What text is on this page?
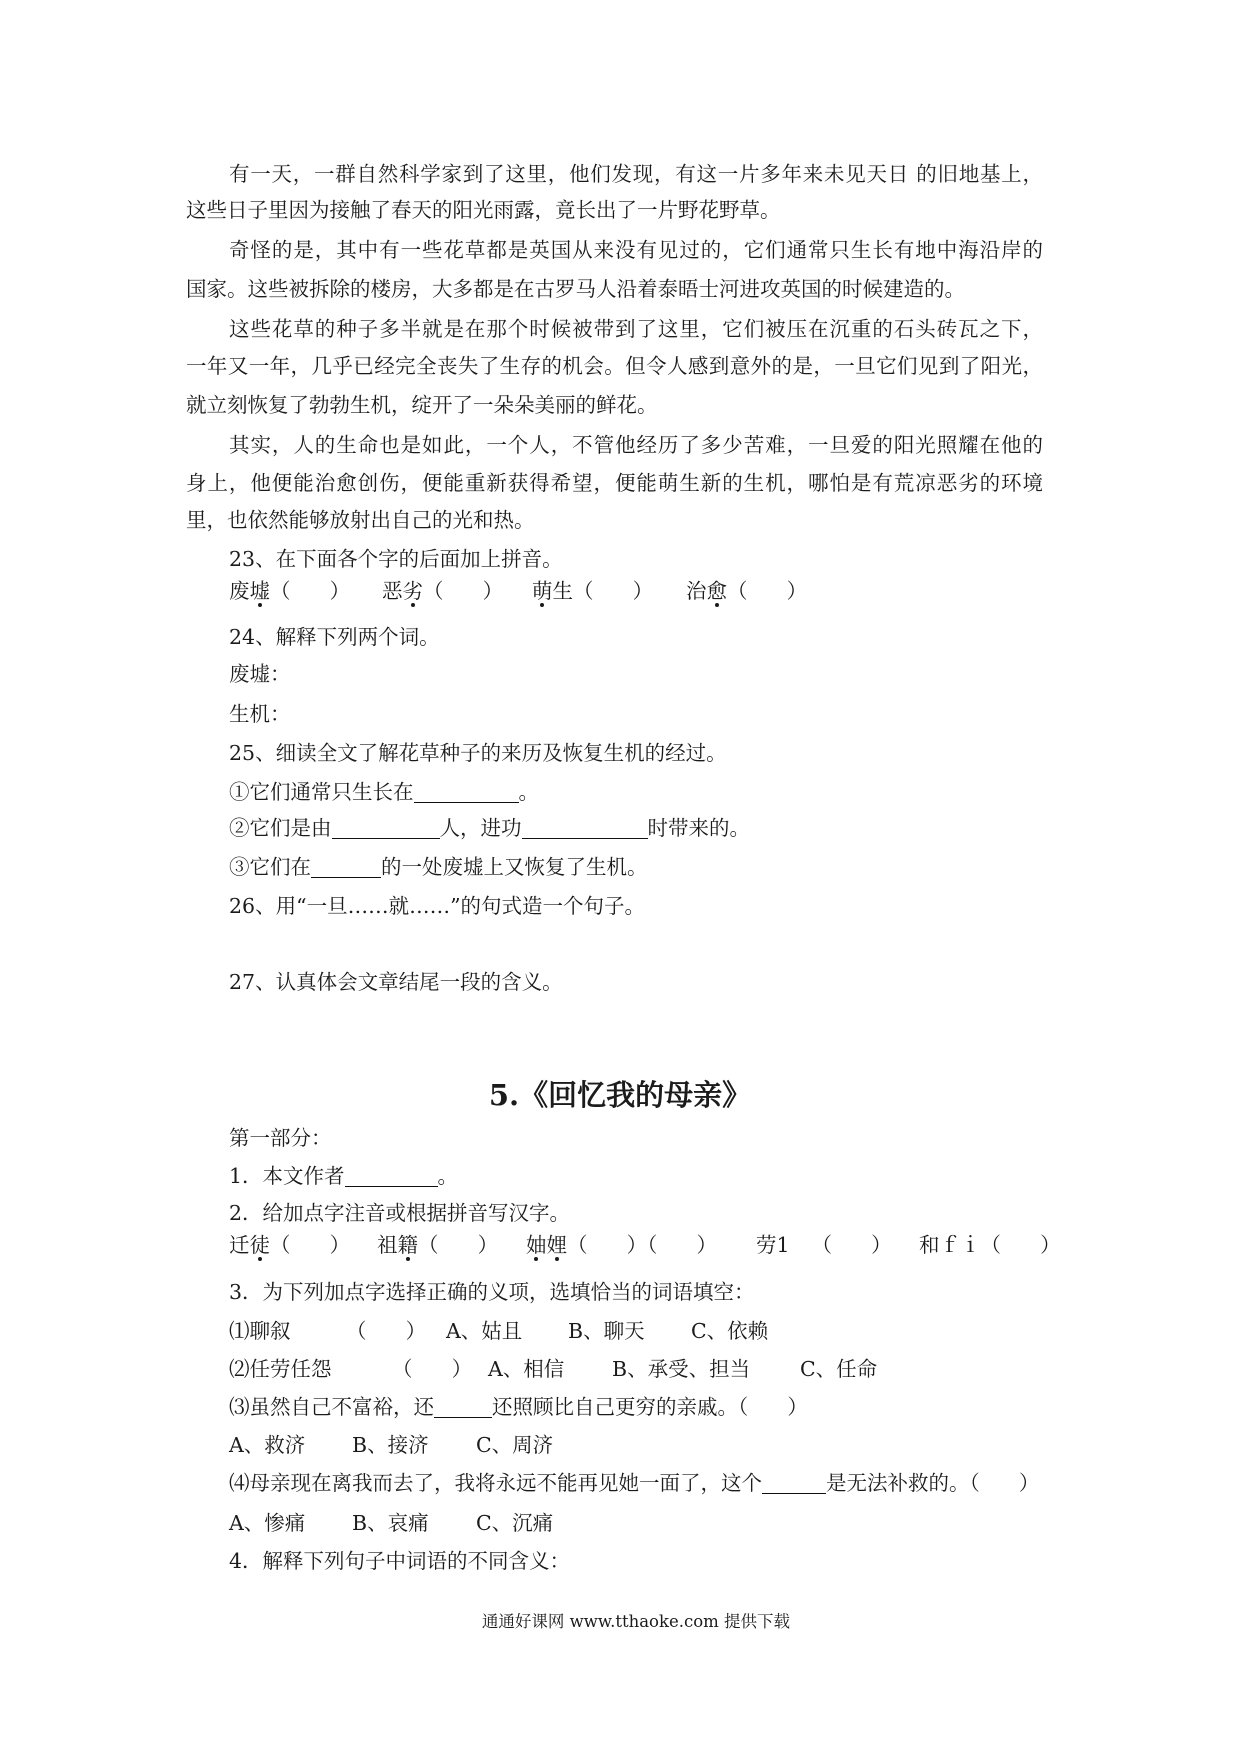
有一天，一群自然科学家到了这里，他们发现，有这一片多年来未见天日 的旧地基上，
这些日子里因为接触了春天的阳光雨露，竟长出了一片野花野草。
奇怪的是，其中有一些花草都是英国从来没有见过的，它们通常只生长有地中海沿岸的
国家。这些被拆除的楼房，大多都是在古罗马人沿着泰晤士河进攻英国的时候建造的。
这些花草的种子多半就是在那个时候被带到了这里，它们被压在沉重的石头砖瓦之下，
一年又一年，几乎已经完全丧失了生存的机会。但令人感到意外的是，一旦它们见到了阳光，
就立刻恢复了勃勃生机，绽开了一朵朵美丽的鲜花。
其实，人的生命也是如此，一个人，不管他经历了多少苦难，一旦爱的阳光照耀在他的
身上，他便能治愈创伤，便能重新获得希望，便能萌生新的生机，哪怕是有荒凉恶劣的环境
里，也依然能够放射出自己的光和热。
23、在下面各个字的后面加上拼音。
废墟（      ） 恶劣（      ） 萌生（      ） 治愈（      ）
24、解释下列两个词。
废墟：
生机：
25、细读全文了解花草种子的来历及恢复生机的经过。
①它们通常只生长在	。
②它们是由	人，进功	时带来的。
③它们在	的一处废墟上又恢复了生机。
26、用“一旦……就……”的句式造一个句子。
27、认真体会文章结尾一段的含义。
5.《回忆我的母亲》
第一部分：
1．本文作者	。
2．给加点字注音或根据拼音写汉字。
迁徒（      ） 祖籍（      ） 妯娌（      ）（      ） 劳1 （      ） 和ｆｉ（      ）
3．为下列加点字选择正确的义项，选填恰当的词语填空：
⑴聊叙	（      ） A、姑且 B、聊天 C、依赖
⑵任劳任怨	（      ） A、相信 B、承受、担当 C、任命
⑶虽然自己不富裕，还	还照顾比自己更穷的亲戚。（      ）
A、救济 B、接济 C、周济
⑷母亲现在离我而去了，我将永远不能再见她一面了，这个	是无法补救的。（      ）
A、惨痛 B、哀痛 C、沉痛
4．解释下列句子中词语的不同含义：
通通好课网 www.tthaoke.com 提供下载
